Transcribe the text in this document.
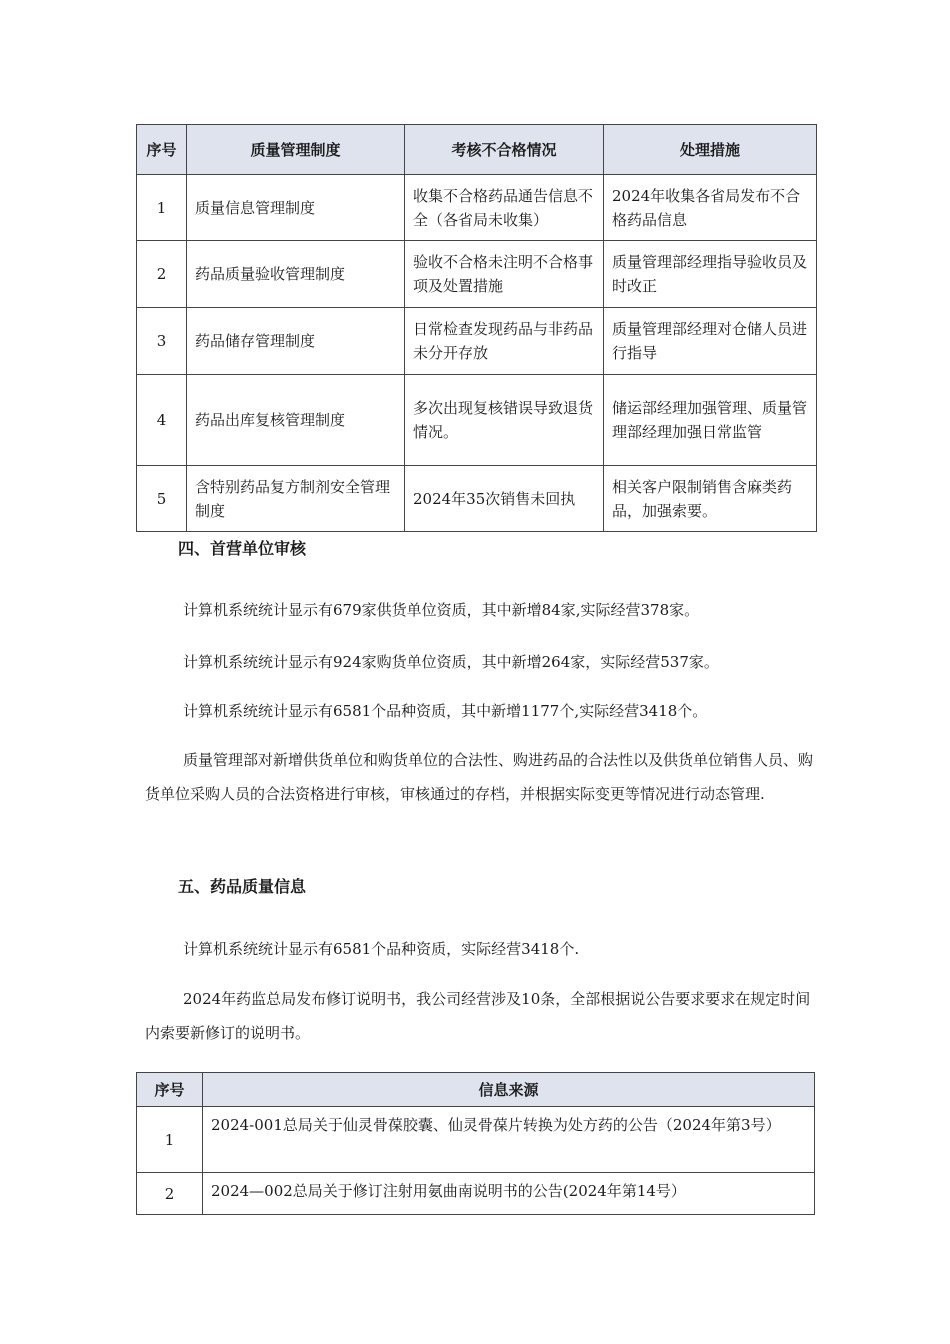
序号	质量管理制度	考核不合格情况	处理措施
1	质量信息管理制度	收集不合格药品通告信息不全（各省局未收集）	2024年收集各省局发布不合格药品信息
2	药品质量验收管理制度	验收不合格未注明不合格事项及处置措施	质量管理部经理指导验收员及时改正
3	药品储存管理制度	日常检查发现药品与非药品未分开存放	质量管理部经理对仓储人员进行指导
4	药品出库复核管理制度	多次出现复核错误导致退货情况。	储运部经理加强管理、质量管理部经理加强日常监管
5	含特别药品复方制剂安全管理制度	2024年35次销售未回执	相关客户限制销售含麻类药品，加强索要。
四、首营单位审核

计算机系统统计显示有679家供货单位资质，其中新增84家,实际经营378家。

计算机系统统计显示有924家购货单位资质，其中新增264家，实际经营537家。

计算机系统统计显示有6581个品种资质，其中新增1177个,实际经营3418个。

质量管理部对新增供货单位和购货单位的合法性、购进药品的合法性以及供货单位销售人员、购货单位采购人员的合法资格进行审核，审核通过的存档，并根据实际变更等情况进行动态管理.

五、药品质量信息

计算机系统统计显示有6581个品种资质，实际经营3418个.

2024年药监总局发布修订说明书，我公司经营涉及10条，全部根据说公告要求要求在规定时间内索要新修订的说明书。

序号	信息来源
1	2024-001总局关于仙灵骨葆胶囊、仙灵骨葆片转换为处方药的公告（2024年第3号）
2	2024—002总局关于修订注射用氨曲南说明书的公告(2024年第14号）
